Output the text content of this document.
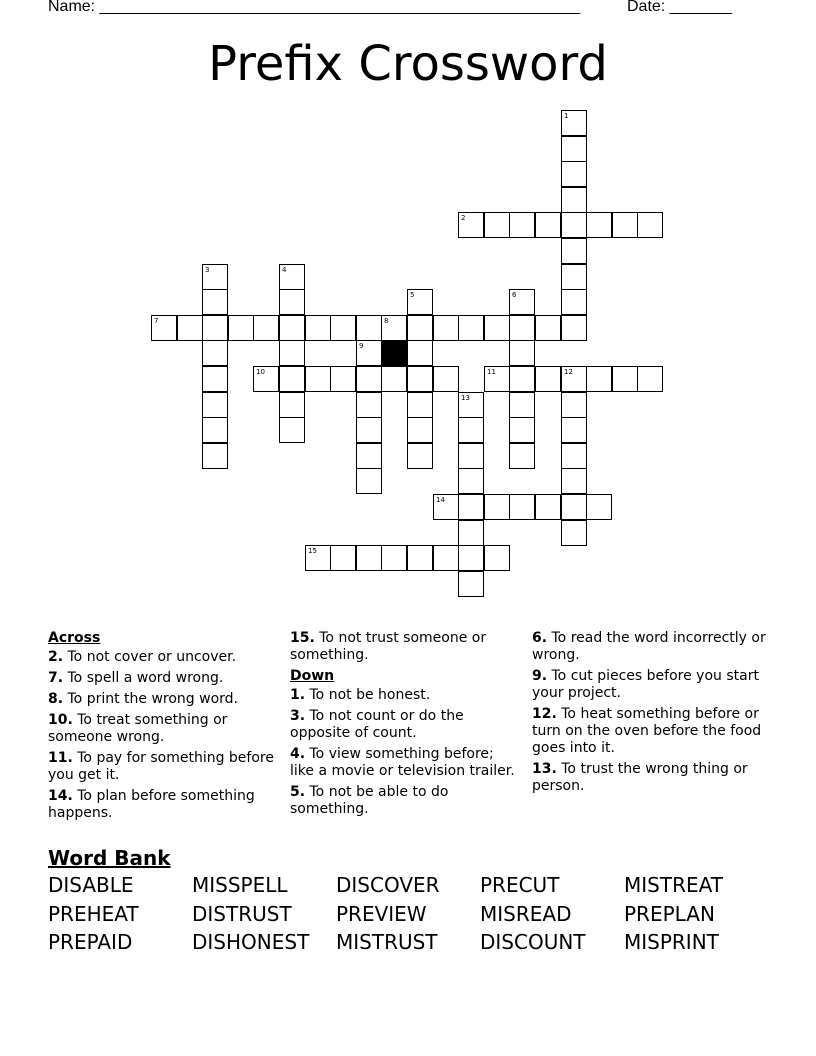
Name: ______________________________________________________	Date: _______
Prefix Crossword
2
7	8
10	11	12
14
15
1
3	4
5	6
9
13
Across
2. To not cover or uncover.
7. To spell a word wrong.
8. To print the wrong word.
10. To treat something or someone wrong.
11. To pay for something before you get it.
14. To plan before something happens.
15. To not trust someone or something.
Down
1. To not be honest.
3. To not count or do the opposite of count.
4. To view something before; like a movie or television trailer.
5. To not be able to do something.
6. To read the word incorrectly or wrong.
9. To cut pieces before you start your project.
12. To heat something before or turn on the oven before the food goes into it.
13. To trust the wrong thing or person.
Word Bank
DISABLE	MISSPELL DISCOVER PRECUT	MISTREAT
PREHEAT	DISTRUST PREVIEW	MISREAD	PREPLAN
PREPAID	DISHONEST MISTRUST DISCOUNT MISPRINT
